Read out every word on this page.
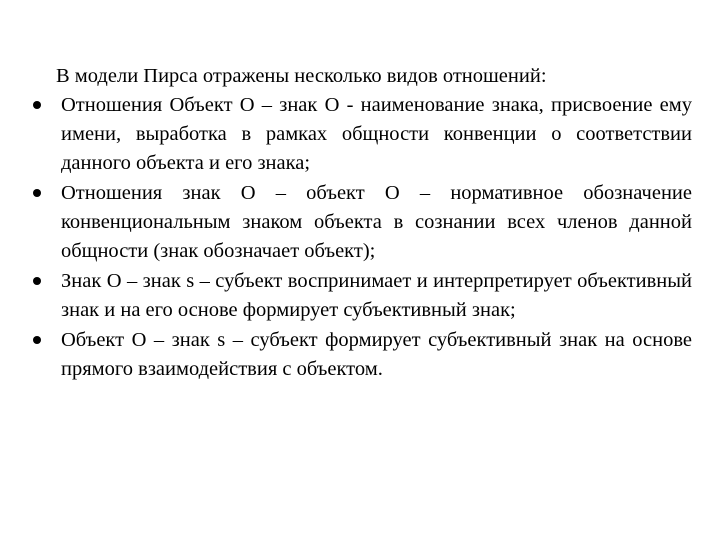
В модели Пирса отражены несколько видов отношений:

Отношения Объект О – знак О - наименование знака, присвоение ему имени, выработка в рамках общности конвенции о соответствии данного объекта и его знака;
Отношения знак О – объект О – нормативное обозначение конвенциональным знаком объекта в сознании всех членов данной общности (знак обозначает объект);
Знак О – знак s – субъект воспринимает и интерпретирует объективный знак и на его основе формирует субъективный знак;
Объект О – знак s – субъект формирует субъективный знак на основе прямого взаимодействия с объектом.
